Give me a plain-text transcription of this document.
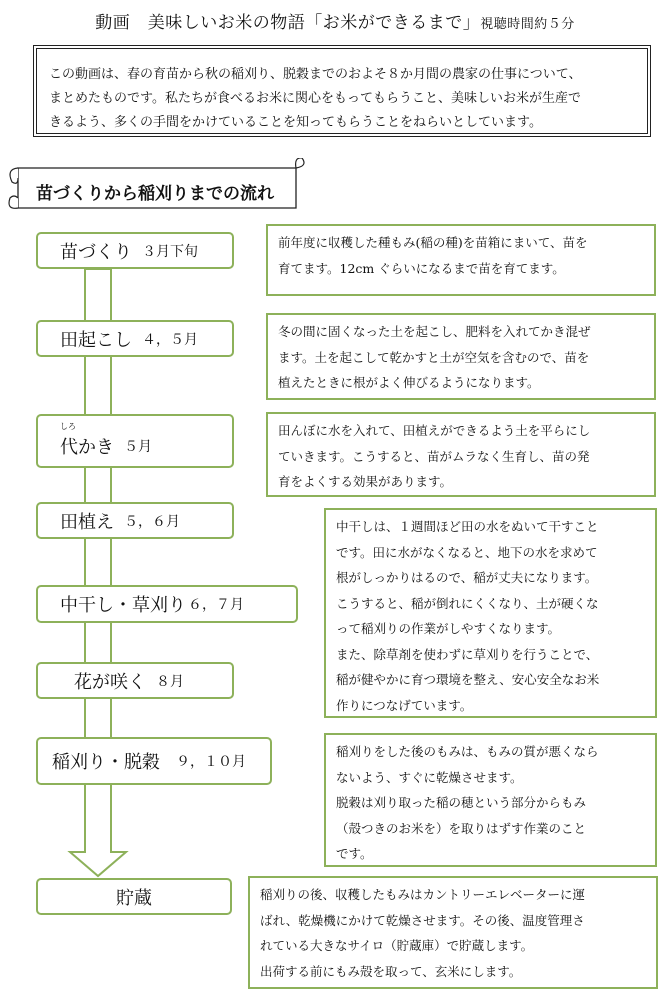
動画　美味しいお米の物語「お米ができるまで」視聴時間約５分
この動画は、春の育苗から秋の稲刈り、脱穀までのおよそ８か月間の農家の仕事について、
まとめたものです。私たちが食べるお米に関心をもってもらうこと、美味しいお米が生産で
きるよう、多くの手間をかけていることを知ってもらうことをねらいとしています。
苗づくりから稲刈りまでの流れ
苗づくり ３月下旬
田起こし ４，５月
しろ
代かき ５月
田植え ５，６月
中干し・草刈り ６，７月
花が咲く ８月
稲刈り・脱穀 ９，１０月
貯蔵

前年度に収穫した種もみ(稲の種)を苗箱にまいて、苗を

育てます。12cm ぐらいになるまで苗を育てます。

冬の間に固くなった土を起こし、肥料を入れてかき混ぜ

ます。土を起こして乾かすと土が空気を含むので、苗を

植えたときに根がよく伸びるようになります。

田んぼに水を入れて、田植えができるよう土を平らにし

ていきます。こうすると、苗がムラなく生育し、苗の発

育をよくする効果があります。

中干しは、１週間ほど田の水をぬいて干すこと

です。田に水がなくなると、地下の水を求めて

根がしっかりはるので、稲が丈夫になります。

こうすると、稲が倒れにくくなり、土が硬くな

って稲刈りの作業がしやすくなります。

また、除草剤を使わずに草刈りを行うことで、

稲が健やかに育つ環境を整え、安心安全なお米

作りにつなげています。

稲刈りをした後のもみは、もみの質が悪くなら

ないよう、すぐに乾燥させます。

脱穀は刈り取った稲の穂という部分からもみ

（殻つきのお米を）を取りはずす作業のこと

です。

稲刈りの後、収穫したもみはカントリーエレベーターに運

ばれ、乾燥機にかけて乾燥させます。その後、温度管理さ

れている大きなサイロ（貯蔵庫）で貯蔵します。

出荷する前にもみ殻を取って、玄米にします。
